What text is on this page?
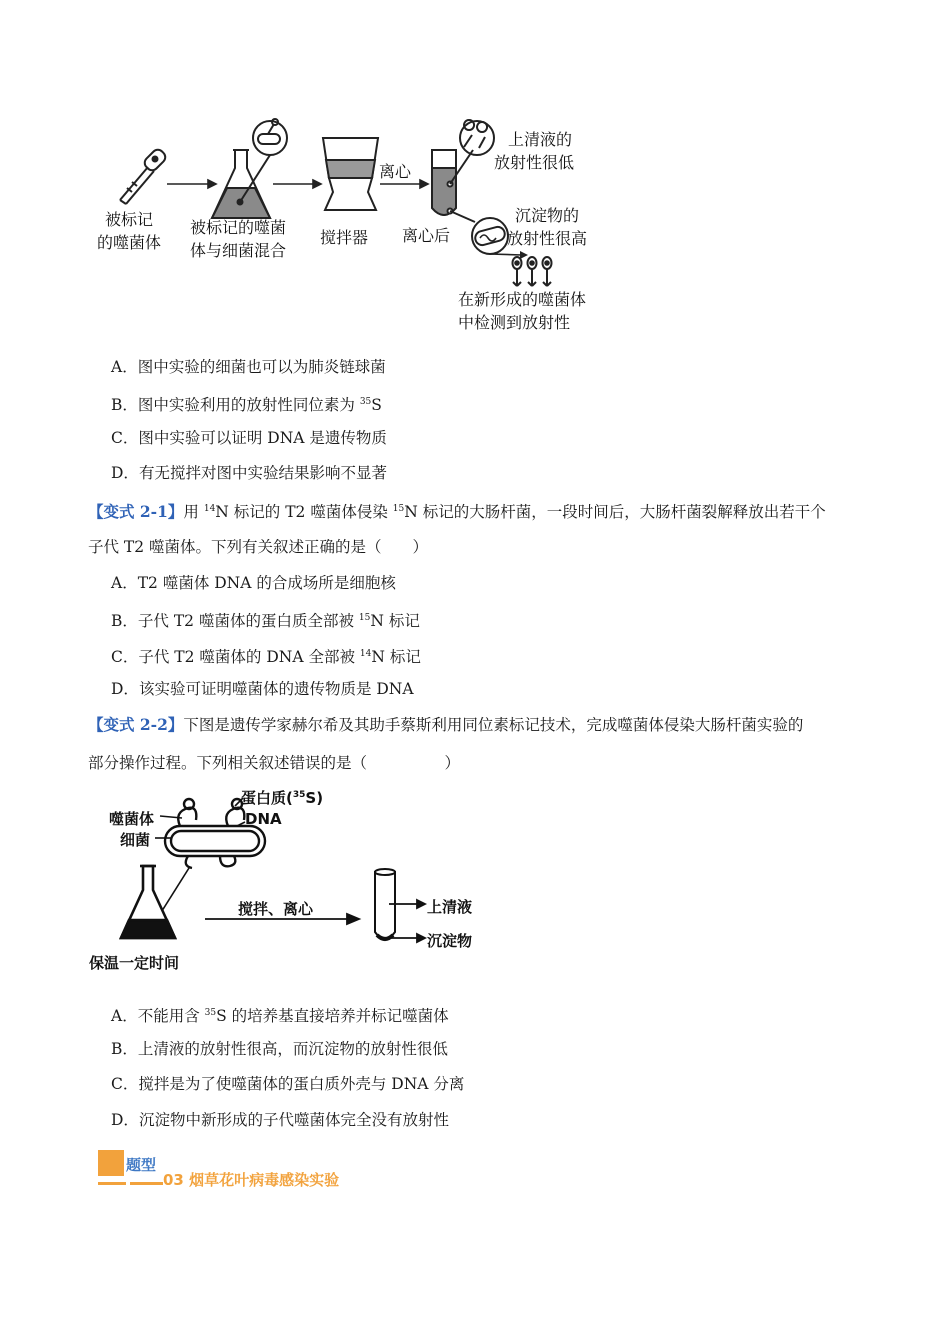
被标记
的噬菌体
被标记的噬菌
体与细菌混合
搅拌器
离心
离心后
上清液的
放射性很低
沉淀物的
放射性很高
在新形成的噬菌体
中检测到放射性
A．图中实验的细菌也可以为肺炎链球菌
B．图中实验利用的放射性同位素为 $^{35}$S
C．图中实验可以证明 DNA 是遗传物质
D．有无搅拌对图中实验结果影响不显著
【变式 2-1】用 $^{14}$N 标记的 T2 噬菌体侵染 $^{15}$N 标记的大肠杆菌，一段时间后，大肠杆菌裂解释放出若干个
子代 T2 噬菌体。下列有关叙述正确的是（　　）
A．T2 噬菌体 DNA 的合成场所是细胞核
B．子代 T2 噬菌体的蛋白质全部被 $^{15}$N 标记
C．子代 T2 噬菌体的 DNA 全部被 $^{14}$N 标记
D．该实验可证明噬菌体的遗传物质是 DNA
【变式 2-2】下图是遗传学家赫尔希及其助手蔡斯利用同位素标记技术，完成噬菌体侵染大肠杆菌实验的
部分操作过程。下列相关叙述错误的是（　　　　　）
蛋白质($^{35}$S)
DNA
噬菌体
细菌
搅拌、离心	上清液
沉淀物
保温一定时间
A．不能用含 $^{35}$S 的培养基直接培养并标记噬菌体
B．上清液的放射性很高，而沉淀物的放射性很低
C．搅拌是为了使噬菌体的蛋白质外壳与 DNA 分离
D．沉淀物中新形成的子代噬菌体完全没有放射性
题型
03 烟草花叶病毒感染实验
